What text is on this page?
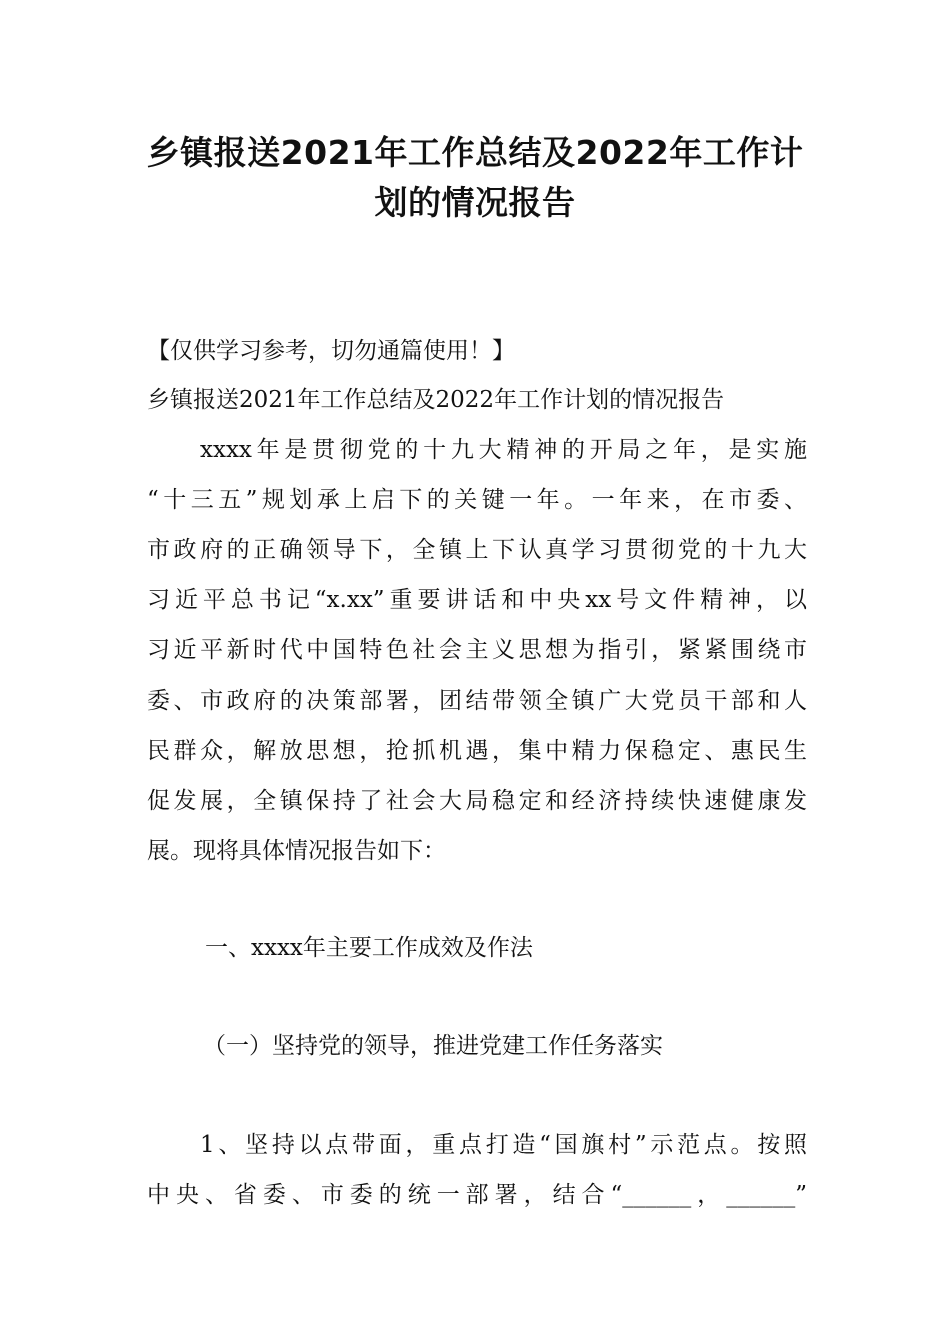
乡镇报送2021年工作总结及2022年工作计
划的情况报告
【仅供学习参考，切勿通篇使用！】
乡镇报送2021年工作总结及2022年工作计划的情况报告
xxxx年是贯彻党的十九大精神的开局之年，是实施
“十三五”规划承上启下的关键一年。一年来，在市委、
市政府的正确领导下，全镇上下认真学习贯彻党的十九大
习近平总书记“x.xx”重要讲话和中央xx号文件精神，以
习近平新时代中国特色社会主义思想为指引，紧紧围绕市
委、市政府的决策部署，团结带领全镇广大党员干部和人
民群众，解放思想，抢抓机遇，集中精力保稳定、惠民生
促发展，全镇保持了社会大局稳定和经济持续快速健康发
展。现将具体情况报告如下：
一、xxxx年主要工作成效及作法
（一）坚持党的领导，推进党建工作任务落实
1、坚持以点带面，重点打造“国旗村”示范点。按照
中央、省委、市委的统一部署，结合“______，______”
